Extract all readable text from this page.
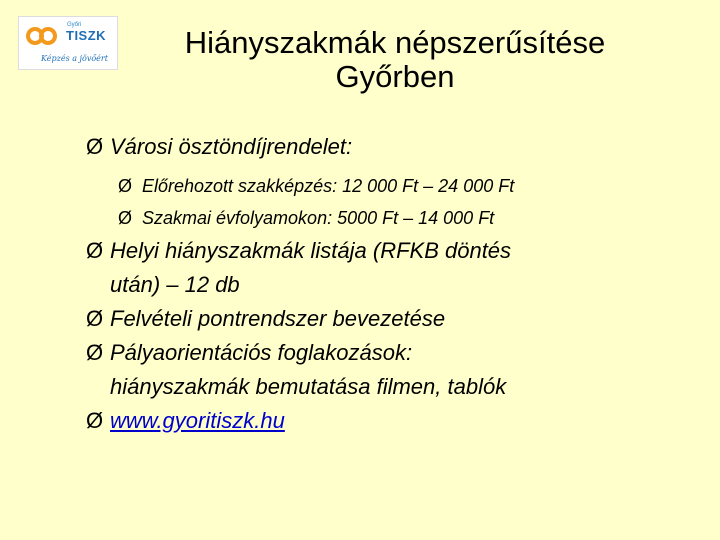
Győri
TISZK
Képzés a jövőért	Hiányszakmák népszerűsítése
Győrben
Ø Városi ösztöndíjrendelet:
Ø Előrehozott szakképzés: 12 000 Ft – 24 000 Ft
Ø Szakmai évfolyamokon: 5000 Ft – 14 000 Ft
Ø Helyi hiányszakmák listája (RFKB döntés
után) – 12 db
Ø Felvételi pontrendszer bevezetése
Ø Pályaorientációs foglakozások:
hiányszakmák bemutatása filmen, tablók
Ø www.gyoritiszk.hu
